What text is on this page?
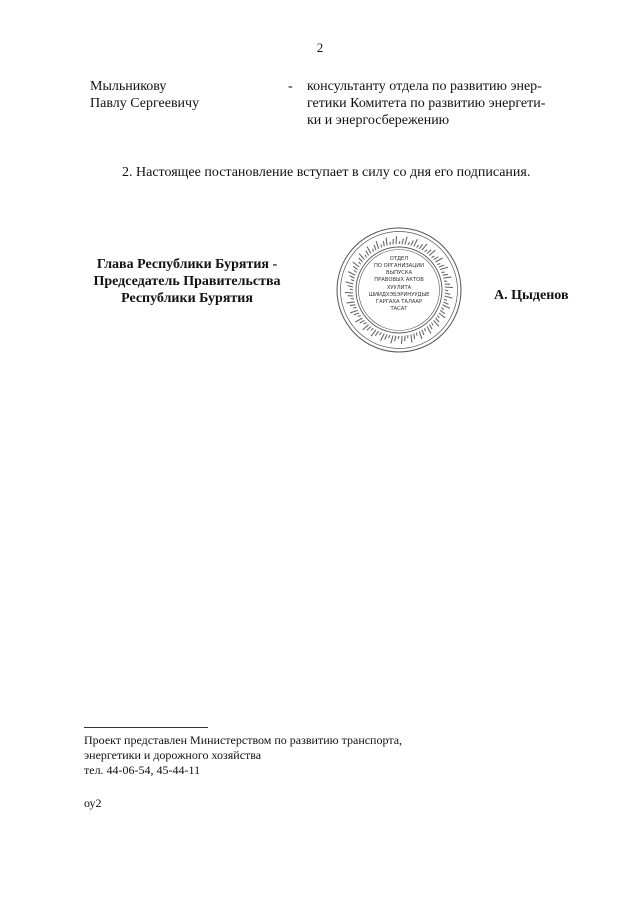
2
Мыльникову
Павлу Сергеевичу
- консультанту отдела по развитию энер-
гетики Комитета по развитию энергети-
ки и энергосбережению
2. Настоящее постановление вступает в силу со дня его подписания.
Глава Республики Бурятия -
Председатель Правительства
Республики Бурятия
ОТДЕЛ
ПО ОРГАНИЗАЦИИ
ВЫПУСКА
ПРАВОВЫХ АКТОВ
ХУУЛИТА
ШИИДХЭБЭРИНУУДЫЕ
ГАРГАХА ТАЛААР
ТАСАГ
А. Цыденов
Проект представлен Министерством по развитию транспорта,
энергетики и дорожного хозяйства
тел. 44-06-54, 45-44-11
оу2
